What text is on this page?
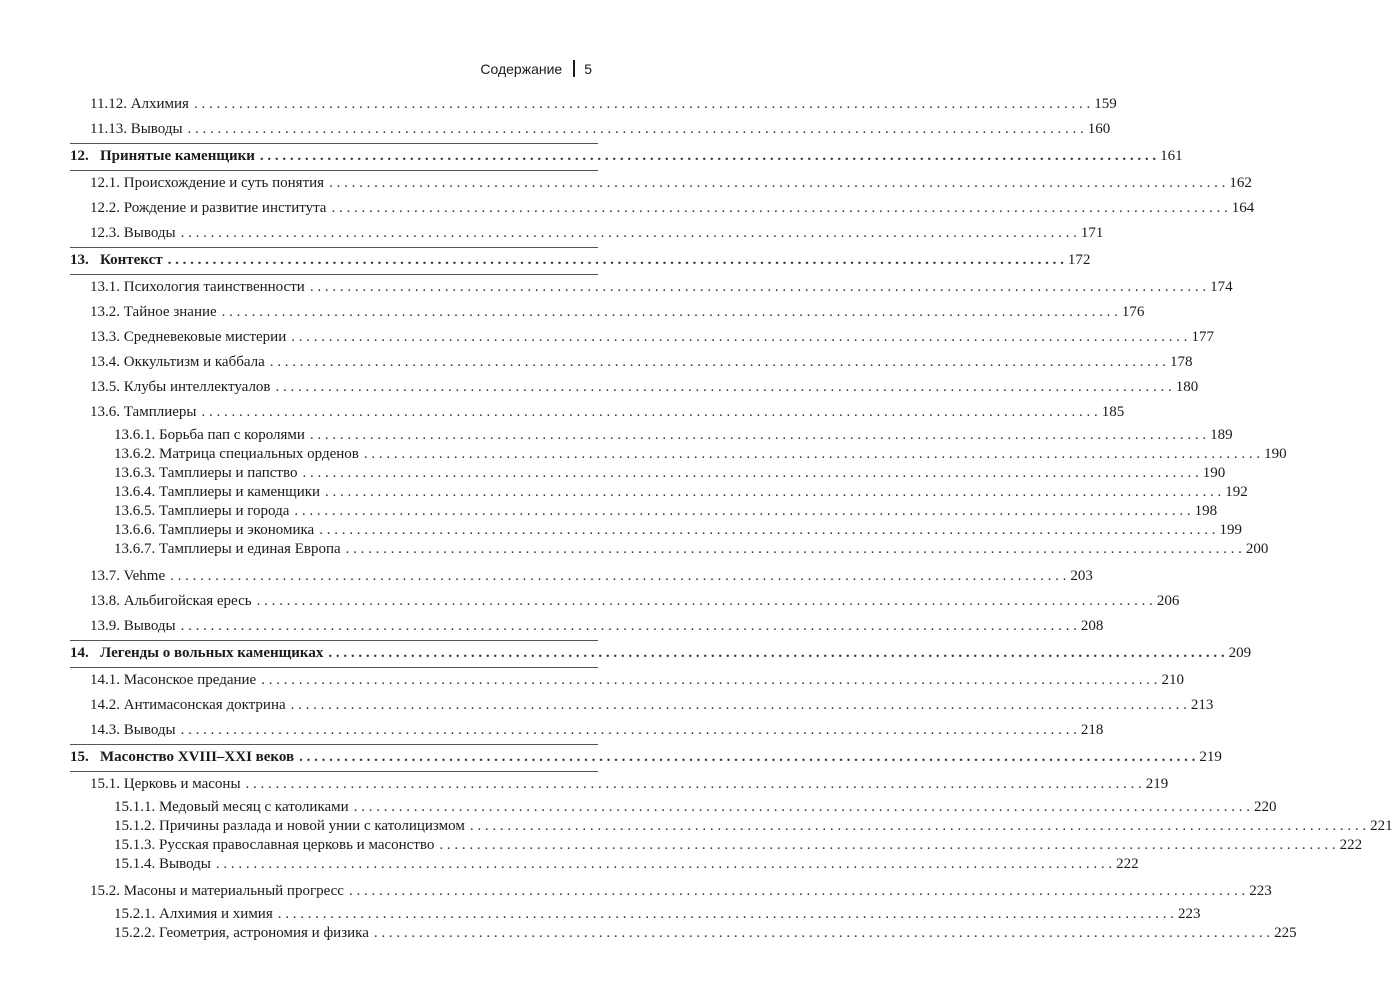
Содержание 5
11.12. Алхимия . . . . . . . . . . . . . . . . . . . . . . . . . . . . . . . . . . . . . . . . . . . . . . . . . . . . . . . . . . . . . . . . . . . . . . . . . . . . . . . . . . . . . . . . . . . . . . . . . . . . . . . . . . . . . . . . . . . . . . . . 159
11.13. Выводы . . . . . . . . . . . . . . . . . . . . . . . . . . . . . . . . . . . . . . . . . . . . . . . . . . . . . . . . . . . . . . . . . . . . . . . . . . . . . . . . . . . . . . . . . . . . . . . . . . . . . . . . . . . . . . . . . . . . . . . . 160
12. Принятые каменщики . . . . . . . . . . . . . . . . . . . . . . . . . . . . . . . . . . . . . . . . . . . . . . . . . . . . . . . . . . . . . . . . . . . . . . . . . . . . . . . . . . . . . . . . . . . . . . . . . . . . . . . . . . . . . . . . . . . . . . . . 161
12.1. Происхождение и суть понятия . . . . . . . . . . . . . . . . . . . . . . . . . . . . . . . . . . . . . . . . . . . . . . . . . . . . . . . . . . . . . . . . . . . . . . . . . . . . . . . . . . . . . . . . . . . . . . . . . . . . . . . . . . . . . . . . . . . . . . . . 162
12.2. Рождение и развитие института . . . . . . . . . . . . . . . . . . . . . . . . . . . . . . . . . . . . . . . . . . . . . . . . . . . . . . . . . . . . . . . . . . . . . . . . . . . . . . . . . . . . . . . . . . . . . . . . . . . . . . . . . . . . . . . . . . . . . . . . 164
12.3. Выводы . . . . . . . . . . . . . . . . . . . . . . . . . . . . . . . . . . . . . . . . . . . . . . . . . . . . . . . . . . . . . . . . . . . . . . . . . . . . . . . . . . . . . . . . . . . . . . . . . . . . . . . . . . . . . . . . . . . . . . . . 171
13. Контекст . . . . . . . . . . . . . . . . . . . . . . . . . . . . . . . . . . . . . . . . . . . . . . . . . . . . . . . . . . . . . . . . . . . . . . . . . . . . . . . . . . . . . . . . . . . . . . . . . . . . . . . . . . . . . . . . . . . . . . . . 172
13.1. Психология таинственности . . . . . . . . . . . . . . . . . . . . . . . . . . . . . . . . . . . . . . . . . . . . . . . . . . . . . . . . . . . . . . . . . . . . . . . . . . . . . . . . . . . . . . . . . . . . . . . . . . . . . . . . . . . . . . . . . . . . . . . . 174
13.2. Тайное знание . . . . . . . . . . . . . . . . . . . . . . . . . . . . . . . . . . . . . . . . . . . . . . . . . . . . . . . . . . . . . . . . . . . . . . . . . . . . . . . . . . . . . . . . . . . . . . . . . . . . . . . . . . . . . . . . . . . . . . . . 176
13.3. Средневековые мистерии . . . . . . . . . . . . . . . . . . . . . . . . . . . . . . . . . . . . . . . . . . . . . . . . . . . . . . . . . . . . . . . . . . . . . . . . . . . . . . . . . . . . . . . . . . . . . . . . . . . . . . . . . . . . . . . . . . . . . . . . 177
13.4. Оккультизм и каббала . . . . . . . . . . . . . . . . . . . . . . . . . . . . . . . . . . . . . . . . . . . . . . . . . . . . . . . . . . . . . . . . . . . . . . . . . . . . . . . . . . . . . . . . . . . . . . . . . . . . . . . . . . . . . . . . . . . . . . . . 178
13.5. Клубы интеллектуалов . . . . . . . . . . . . . . . . . . . . . . . . . . . . . . . . . . . . . . . . . . . . . . . . . . . . . . . . . . . . . . . . . . . . . . . . . . . . . . . . . . . . . . . . . . . . . . . . . . . . . . . . . . . . . . . . . . . . . . . . 180
13.6. Тамплиеры . . . . . . . . . . . . . . . . . . . . . . . . . . . . . . . . . . . . . . . . . . . . . . . . . . . . . . . . . . . . . . . . . . . . . . . . . . . . . . . . . . . . . . . . . . . . . . . . . . . . . . . . . . . . . . . . . . . . . . . . 185
13.6.1. Борьба пап с королями . . . . . . . . . . . . . . . . . . . . . . . . . . . . . . . . . . . . . . . . . . . . . . . . . . . . . . . . . . . . . . . . . . . . . . . . . . . . . . . . . . . . . . . . . . . . . . . . . . . . . . . . . . . . . . . . . . . . . . . . 189
13.6.2. Матрица специальных орденов . . . . . . . . . . . . . . . . . . . . . . . . . . . . . . . . . . . . . . . . . . . . . . . . . . . . . . . . . . . . . . . . . . . . . . . . . . . . . . . . . . . . . . . . . . . . . . . . . . . . . . . . . . . . . . . . . . . . . . . . 190
13.6.3. Тамплиеры и папство . . . . . . . . . . . . . . . . . . . . . . . . . . . . . . . . . . . . . . . . . . . . . . . . . . . . . . . . . . . . . . . . . . . . . . . . . . . . . . . . . . . . . . . . . . . . . . . . . . . . . . . . . . . . . . . . . . . . . . . . 190
13.6.4. Тамплиеры и каменщики . . . . . . . . . . . . . . . . . . . . . . . . . . . . . . . . . . . . . . . . . . . . . . . . . . . . . . . . . . . . . . . . . . . . . . . . . . . . . . . . . . . . . . . . . . . . . . . . . . . . . . . . . . . . . . . . . . . . . . . . 192
13.6.5. Тамплиеры и города . . . . . . . . . . . . . . . . . . . . . . . . . . . . . . . . . . . . . . . . . . . . . . . . . . . . . . . . . . . . . . . . . . . . . . . . . . . . . . . . . . . . . . . . . . . . . . . . . . . . . . . . . . . . . . . . . . . . . . . . 198
13.6.6. Тамплиеры и экономика . . . . . . . . . . . . . . . . . . . . . . . . . . . . . . . . . . . . . . . . . . . . . . . . . . . . . . . . . . . . . . . . . . . . . . . . . . . . . . . . . . . . . . . . . . . . . . . . . . . . . . . . . . . . . . . . . . . . . . . . 199
13.6.7. Тамплиеры и единая Европа . . . . . . . . . . . . . . . . . . . . . . . . . . . . . . . . . . . . . . . . . . . . . . . . . . . . . . . . . . . . . . . . . . . . . . . . . . . . . . . . . . . . . . . . . . . . . . . . . . . . . . . . . . . . . . . . . . . . . . . . 200
13.7. Vehme . . . . . . . . . . . . . . . . . . . . . . . . . . . . . . . . . . . . . . . . . . . . . . . . . . . . . . . . . . . . . . . . . . . . . . . . . . . . . . . . . . . . . . . . . . . . . . . . . . . . . . . . . . . . . . . . . . . . . . . . 203
13.8. Альбигойская ересь . . . . . . . . . . . . . . . . . . . . . . . . . . . . . . . . . . . . . . . . . . . . . . . . . . . . . . . . . . . . . . . . . . . . . . . . . . . . . . . . . . . . . . . . . . . . . . . . . . . . . . . . . . . . . . . . . . . . . . . . 206
13.9. Выводы . . . . . . . . . . . . . . . . . . . . . . . . . . . . . . . . . . . . . . . . . . . . . . . . . . . . . . . . . . . . . . . . . . . . . . . . . . . . . . . . . . . . . . . . . . . . . . . . . . . . . . . . . . . . . . . . . . . . . . . . 208
14. Легенды о вольных каменщиках . . . . . . . . . . . . . . . . . . . . . . . . . . . . . . . . . . . . . . . . . . . . . . . . . . . . . . . . . . . . . . . . . . . . . . . . . . . . . . . . . . . . . . . . . . . . . . . . . . . . . . . . . . . . . . . . . . . . . . . . 209
14.1. Масонское предание . . . . . . . . . . . . . . . . . . . . . . . . . . . . . . . . . . . . . . . . . . . . . . . . . . . . . . . . . . . . . . . . . . . . . . . . . . . . . . . . . . . . . . . . . . . . . . . . . . . . . . . . . . . . . . . . . . . . . . . . 210
14.2. Антимасонская доктрина . . . . . . . . . . . . . . . . . . . . . . . . . . . . . . . . . . . . . . . . . . . . . . . . . . . . . . . . . . . . . . . . . . . . . . . . . . . . . . . . . . . . . . . . . . . . . . . . . . . . . . . . . . . . . . . . . . . . . . . . 213
14.3. Выводы . . . . . . . . . . . . . . . . . . . . . . . . . . . . . . . . . . . . . . . . . . . . . . . . . . . . . . . . . . . . . . . . . . . . . . . . . . . . . . . . . . . . . . . . . . . . . . . . . . . . . . . . . . . . . . . . . . . . . . . . 218
15. Масонство XVIII–XXI веков . . . . . . . . . . . . . . . . . . . . . . . . . . . . . . . . . . . . . . . . . . . . . . . . . . . . . . . . . . . . . . . . . . . . . . . . . . . . . . . . . . . . . . . . . . . . . . . . . . . . . . . . . . . . . . . . . . . . . . . . 219
15.1. Церковь и масоны . . . . . . . . . . . . . . . . . . . . . . . . . . . . . . . . . . . . . . . . . . . . . . . . . . . . . . . . . . . . . . . . . . . . . . . . . . . . . . . . . . . . . . . . . . . . . . . . . . . . . . . . . . . . . . . . . . . . . . . . 219
15.1.1. Медовый месяц с католиками . . . . . . . . . . . . . . . . . . . . . . . . . . . . . . . . . . . . . . . . . . . . . . . . . . . . . . . . . . . . . . . . . . . . . . . . . . . . . . . . . . . . . . . . . . . . . . . . . . . . . . . . . . . . . . . . . . . . . . . . 220
15.1.2. Причины разлада и новой унии с католицизмом . . . . . . . . . . . . . . . . . . . . . . . . . . . . . . . . . . . . . . . . . . . . . . . . . . . . . . . . . . . . . . . . . . . . . . . . . . . . . . . . . . . . . . . . . . . . . . . . . . . . . . . . . . . . . . . . . . . . . . . . 221
15.1.3. Русская православная церковь и масонство . . . . . . . . . . . . . . . . . . . . . . . . . . . . . . . . . . . . . . . . . . . . . . . . . . . . . . . . . . . . . . . . . . . . . . . . . . . . . . . . . . . . . . . . . . . . . . . . . . . . . . . . . . . . . . . . . . . . . . . . 222
15.1.4. Выводы . . . . . . . . . . . . . . . . . . . . . . . . . . . . . . . . . . . . . . . . . . . . . . . . . . . . . . . . . . . . . . . . . . . . . . . . . . . . . . . . . . . . . . . . . . . . . . . . . . . . . . . . . . . . . . . . . . . . . . . . 222
15.2. Масоны и материальный прогресс . . . . . . . . . . . . . . . . . . . . . . . . . . . . . . . . . . . . . . . . . . . . . . . . . . . . . . . . . . . . . . . . . . . . . . . . . . . . . . . . . . . . . . . . . . . . . . . . . . . . . . . . . . . . . . . . . . . . . . . . 223
15.2.1. Алхимия и химия . . . . . . . . . . . . . . . . . . . . . . . . . . . . . . . . . . . . . . . . . . . . . . . . . . . . . . . . . . . . . . . . . . . . . . . . . . . . . . . . . . . . . . . . . . . . . . . . . . . . . . . . . . . . . . . . . . . . . . . . 223
15.2.2. Геометрия, астрономия и физика . . . . . . . . . . . . . . . . . . . . . . . . . . . . . . . . . . . . . . . . . . . . . . . . . . . . . . . . . . . . . . . . . . . . . . . . . . . . . . . . . . . . . . . . . . . . . . . . . . . . . . . . . . . . . . . . . . . . . . . . 225
